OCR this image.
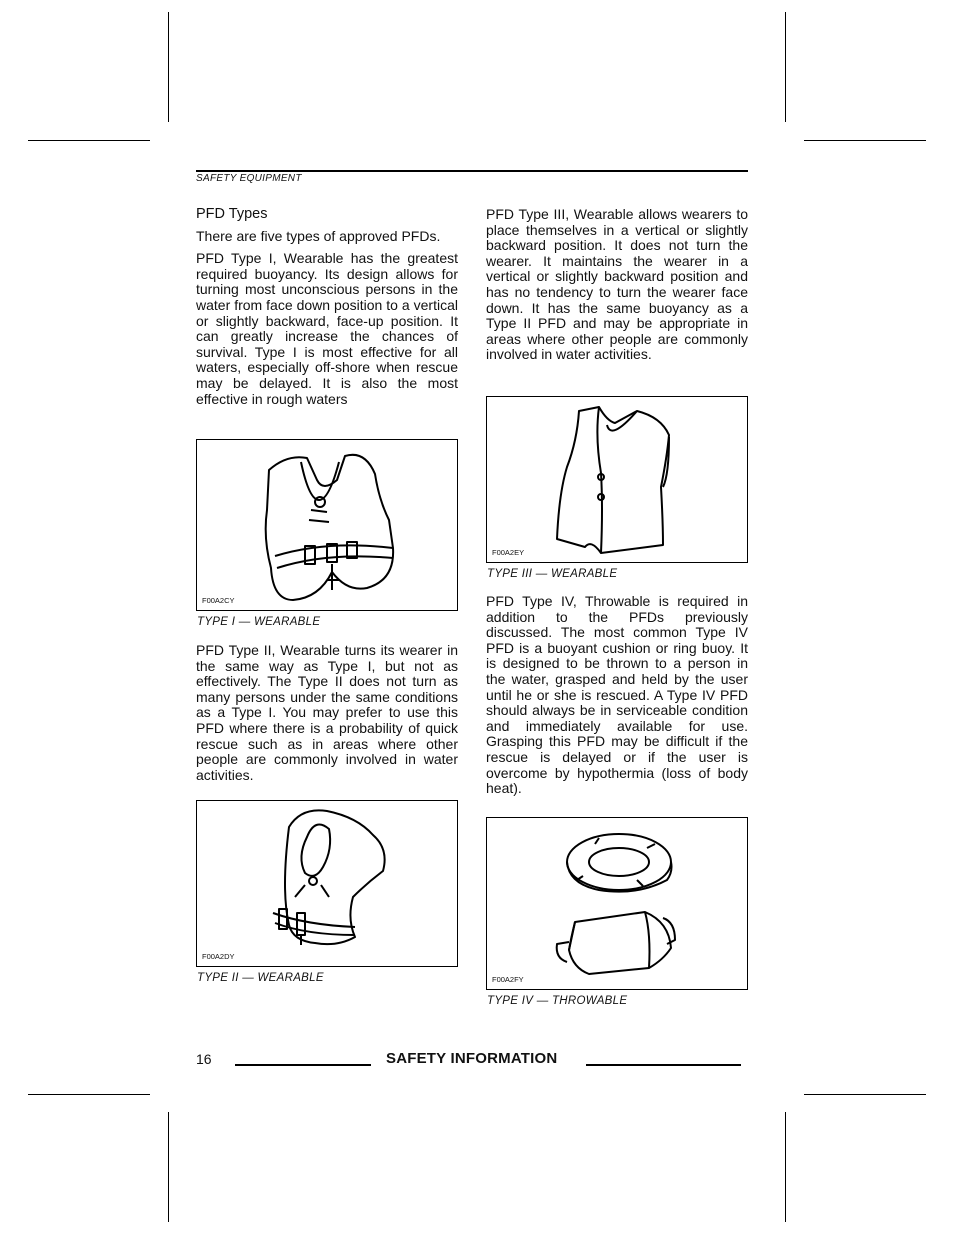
SAFETY EQUIPMENT

PFD Types

There are five types of approved PFDs.

PFD Type I, Wearable has the greatest required buoyancy. Its design allows for turning most unconscious persons in the water from face down position to a vertical or slightly backward, face-up position. It can greatly increase the chances of survival. Type I is most effective for all waters, especially off-shore when rescue may be delayed. It is also the most effective in rough waters

F00A2CY
TYPE I — WEARABLE

PFD Type II, Wearable turns its wearer in the same way as Type I, but not as effectively. The Type II does not turn as many persons under the same conditions as a Type I. You may prefer to use this PFD where there is a probability of quick rescue such as in areas where other people are commonly involved in water activities.

F00A2DY
TYPE II — WEARABLE

PFD Type III, Wearable allows wearers to place themselves in a vertical or slightly backward position. It does not turn the wearer. It maintains the wearer in a vertical or slightly backward position and has no tendency to turn the wearer face down. It has the same buoyancy as a Type II PFD and may be appropriate in areas where other people are commonly involved in water activities.

F00A2EY
TYPE III — WEARABLE

PFD Type IV, Throwable is required in addition to the PFDs previously discussed. The most common Type IV PFD is a buoyant cushion or ring buoy. It is designed to be thrown to a person in the water, grasped and held by the user until he or she is rescued. A Type IV PFD should always be in serviceable condition and immediately available for use. Grasping this PFD may be difficult if the rescue is delayed or if the user is overcome by hypothermia (loss of body heat).

F00A2FY
TYPE IV — THROWABLE
16	SAFETY INFORMATION
